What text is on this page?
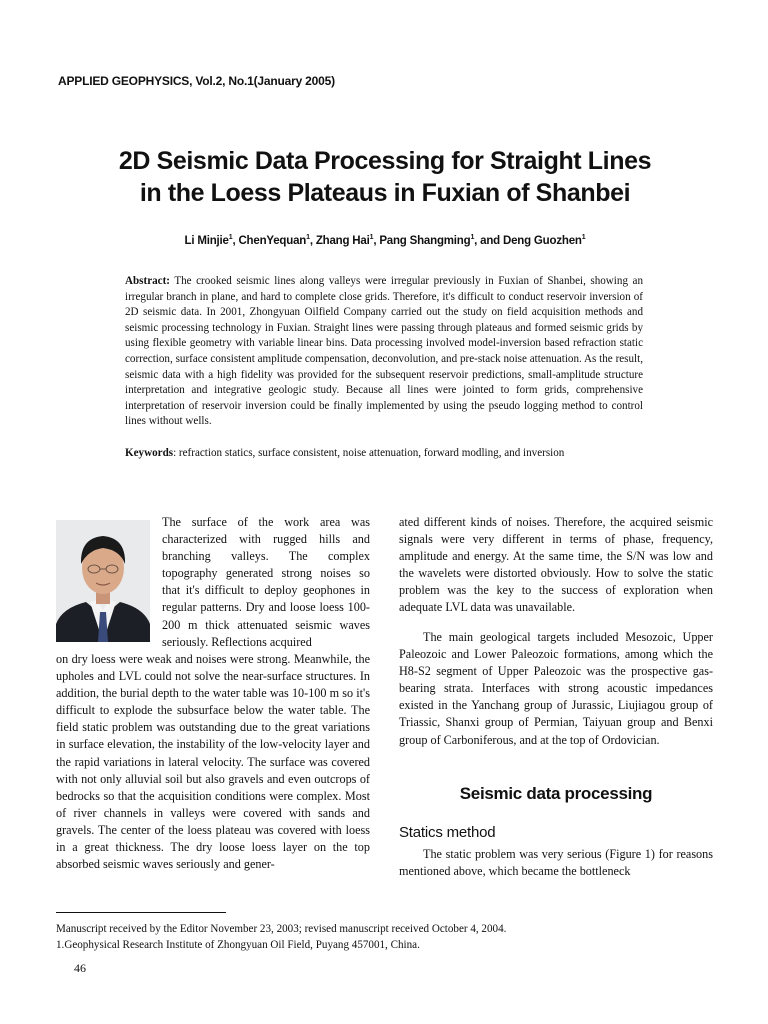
APPLIED GEOPHYSICS, Vol.2, No.1(January 2005)
2D Seismic Data Processing for Straight Lines
in the Loess Plateaus in Fuxian of Shanbei
Li Minjie$^1$, ChenYequan$^1$, Zhang Hai$^1$, Pang Shangming$^1$, and Deng Guozhen$^1$
Abstract: The crooked seismic lines along valleys were irregular previously in Fuxian of Shanbei, showing an irregular branch in plane, and hard to complete close grids. Therefore, it's difficult to conduct reservoir inversion of 2D seismic data. In 2001, Zhongyuan Oilfield Company carried out the study on field acquisition methods and seismic processing technology in Fuxian. Straight lines were passing through plateaus and formed seismic grids by using flexible geometry with variable linear bins. Data processing involved model-inversion based refraction static correction, surface consistent amplitude compensation, deconvolution, and pre-stack noise attenuation. As the result, seismic data with a high fidelity was provided for the subsequent reservoir predictions, small-amplitude structure interpretation and integrative geologic study. Because all lines were jointed to form grids, comprehensive interpretation of reservoir inversion could be finally implemented by using the pseudo logging method to control lines without wells.
Keywords: refraction statics, surface consistent, noise attenuation, forward modling, and inversion

The surface of the work area was characterized with rugged hills and branching valleys. The complex topography generated strong noises so that it's difficult to deploy geophones in regular patterns. Dry and loose loess 100-200 m thick attenuated seismic waves seriously. Reflections acquired

on dry loess were weak and noises were strong. Meanwhile, the upholes and LVL could not solve the near-surface structures. In addition, the burial depth to the water table was 10-100 m so it's difficult to explode the subsurface below the water table. The field static problem was outstanding due to the great variations in surface elevation, the instability of the low-velocity layer and the rapid variations in lateral velocity. The surface was covered with not only alluvial soil but also gravels and even outcrops of bedrocks so that the acquisition conditions were complex. Most of river channels in valleys were covered with sands and gravels. The center of the loess plateau was covered with loess in a great thickness. The dry loose loess layer on the top absorbed seismic waves seriously and gener-

ated different kinds of noises. Therefore, the acquired seismic signals were very different in terms of phase, frequency, amplitude and energy. At the same time, the S/N was low and the wavelets were distorted obviously. How to solve the static problem was the key to the success of exploration when adequate LVL data was unavailable.

The main geological targets included Mesozoic, Upper Paleozoic and Lower Paleozoic formations, among which the H8-S2 segment of Upper Paleozoic was the prospective gas-bearing strata. Interfaces with strong acoustic impedances existed in the Yanchang group of Jurassic, Liujiagou group of Triassic, Shanxi group of Permian, Taiyuan group and Benxi group of Carboniferous, and at the top of Ordovician.

Seismic data processing
Statics method

The static problem was very serious (Figure 1) for reasons mentioned above, which became the bottleneck

Manuscript received by the Editor November 23, 2003; revised manuscript received October 4, 2004.
1.Geophysical Research Institute of Zhongyuan Oil Field, Puyang 457001, China.
46
